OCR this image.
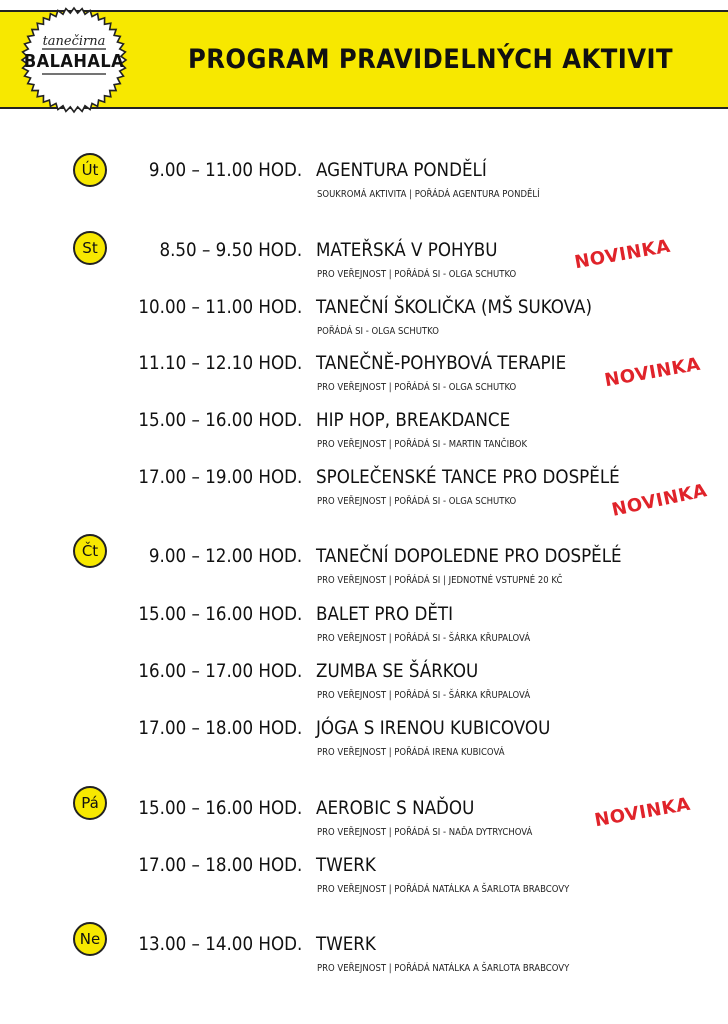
tanečirna
BALAHALA PROGRAM PRAVIDELNÝCH AKTIVIT
Út
St
Čt
Pá
Ne
9.00 – 11.00 HOD. AGENTURA PONDĚLÍ
SOUKROMÁ AKTIVITA | POŘÁDÁ AGENTURA PONDĚLÍ
8.50 – 9.50 HOD. MATEŘSKÁ V POHYBU
PRO VEŘEJNOST | POŘÁDÁ SI - OLGA SCHUTKO
10.00 – 11.00 HOD. TANEČNÍ ŠKOLIČKA (MŠ SUKOVA)
POŘÁDÁ SI - OLGA SCHUTKO
11.10 – 12.10 HOD. TANEČNĚ-POHYBOVÁ TERAPIE
PRO VEŘEJNOST | POŘÁDÁ SI - OLGA SCHUTKO
15.00 – 16.00 HOD. HIP HOP, BREAKDANCE
PRO VEŘEJNOST | POŘÁDÁ SI - MARTIN TANČIBOK
17.00 – 19.00 HOD. SPOLEČENSKÉ TANCE PRO DOSPĚLÉ
PRO VEŘEJNOST | POŘÁDÁ SI - OLGA SCHUTKO
9.00 – 12.00 HOD. TANEČNÍ DOPOLEDNE PRO DOSPĚLÉ
PRO VEŘEJNOST | POŘÁDÁ SI | JEDNOTNÉ VSTUPNÉ 20 KČ
15.00 – 16.00 HOD. BALET PRO DĚTI
PRO VEŘEJNOST | POŘÁDÁ SI - ŠÁRKA KŘUPALOVÁ
16.00 – 17.00 HOD. ZUMBA SE ŠÁRKOU
PRO VEŘEJNOST | POŘÁDÁ SI - ŠÁRKA KŘUPALOVÁ
17.00 – 18.00 HOD. JÓGA S IRENOU KUBICOVOU
PRO VEŘEJNOST | POŘÁDÁ IRENA KUBICOVÁ
15.00 – 16.00 HOD. AEROBIC S NAĎOU
PRO VEŘEJNOST | POŘÁDÁ SI - NAĎA DYTRYCHOVÁ
17.00 – 18.00 HOD. TWERK
PRO VEŘEJNOST | POŘÁDÁ NATÁLKA A ŠARLOTA BRABCOVY
13.00 – 14.00 HOD. TWERK
PRO VEŘEJNOST | POŘÁDÁ NATÁLKA A ŠARLOTA BRABCOVY
NOVINKA
NOVINKA
NOVINKA
NOVINKA
